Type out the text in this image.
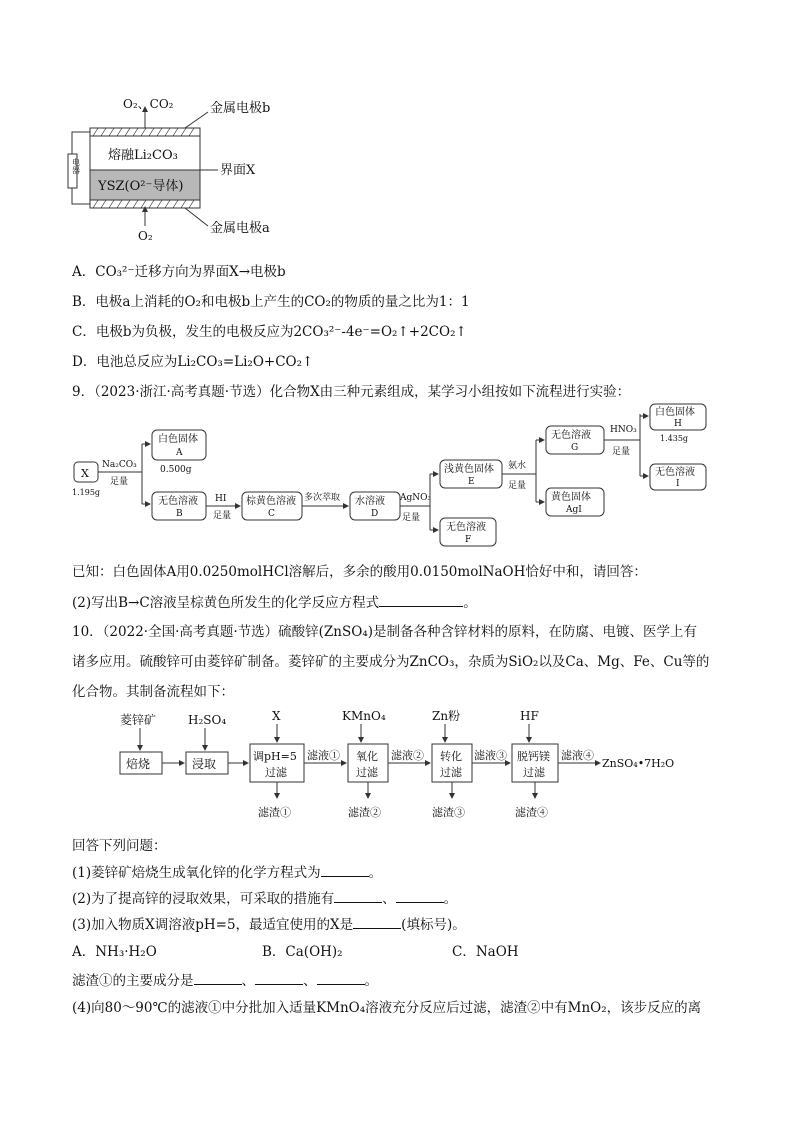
O₂、CO₂
熔融Li₂CO₃
YSZ(O²⁻导体)
O₂
电器
金属电极b
界面X
金属电极a
A．CO₃²⁻迁移方向为界面X→电极b
B．电极a上消耗的O₂和电极b上产生的CO₂的物质的量之比为1：1
C．电极b为负极，发生的电极反应为2CO₃²⁻-4e⁻=O₂↑+2CO₂↑
D．电池总反应为Li₂CO₃=Li₂O+CO₂↑
9．（2023·浙江·高考真题·节选）化合物X由三种元素组成，某学习小组按如下流程进行实验：
X
1.195g
Na₂CO₃
足量
白色固体
A
0.500g
无色溶液
B
HI
足量
棕黄色溶液
C
多次萃取 水溶液
D
AgNO₃
足量
浅黄色固体
E
无色溶液
F
氨水
足量
无色溶液
G
黄色固体
AgI
HNO₃
足量
白色固体
H
1.435g
无色溶液
I
已知：白色固体A用0.0250molHCl溶解后，多余的酸用0.0150molNaOH恰好中和，请回答：
(2)写出B→C溶液呈棕黄色所发生的化学反应方程式	。
10．（2022·全国·高考真题·节选）硫酸锌(ZnSO₄)是制备各种含锌材料的原料，在防腐、电镀、医学上有
诸多应用。硫酸锌可由菱锌矿制备。菱锌矿的主要成分为ZnCO₃，杂质为SiO₂以及Ca、Mg、Fe、Cu等的
化合物。其制备流程如下：
菱锌矿	H₂SO₄	X	KMnO₄	Zn粉	HF
焙烧	浸取
调pH=5
过滤
滤液①
滤渣①
氧化
过滤
滤液②
滤渣②
转化
过滤
滤液③
滤渣③
脱钙镁
过滤
滤液④
滤渣④
ZnSO₄•7H₂O
回答下列问题：
(1)菱锌矿焙烧生成氧化锌的化学方程式为	。
(2)为了提高锌的浸取效果，可采取的措施有	、	。
(3)加入物质X调溶液pH=5，最适宜使用的X是	(填标号)。
A．NH₃·H₂O	B．Ca(OH)₂	C．NaOH
滤渣①的主要成分是	、	、	。
(4)向80～90℃的滤液①中分批加入适量KMnO₄溶液充分反应后过滤，滤渣②中有MnO₂，该步反应的离
